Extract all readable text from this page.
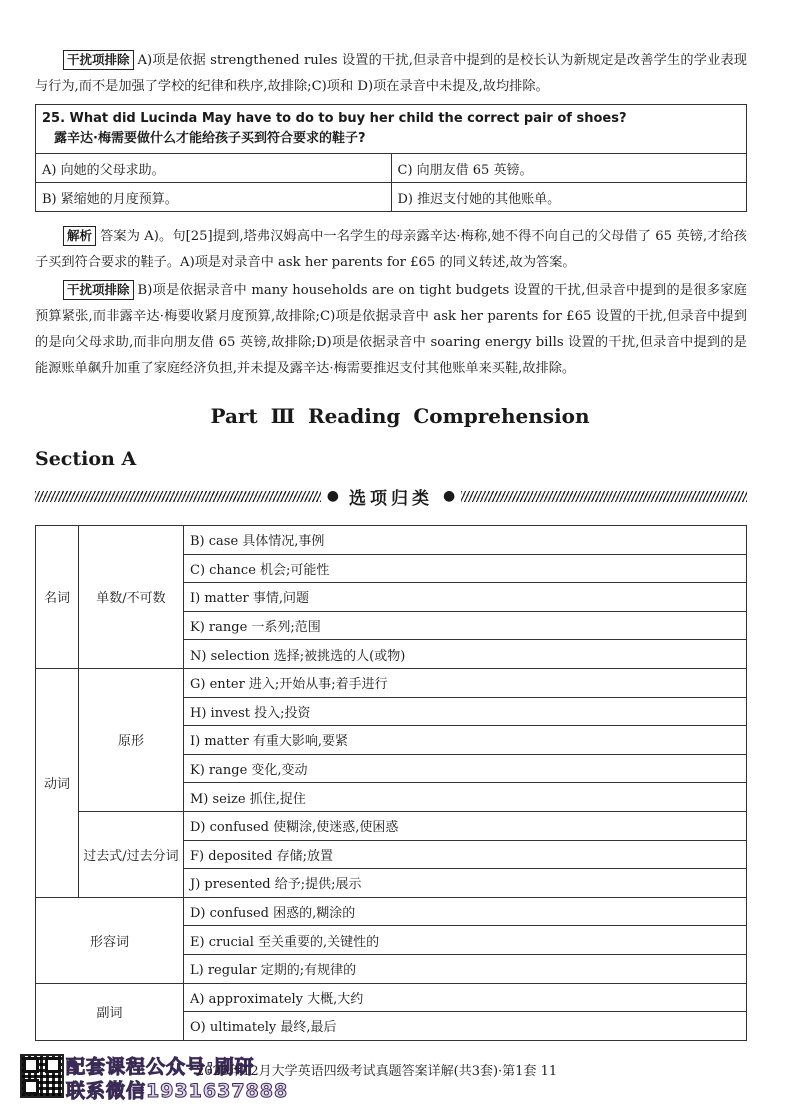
干扰项排除 A)项是依据 strengthened rules 设置的干扰,但录音中提到的是校长认为新规定是改善学生的学业表现与行为,而不是加强了学校的纪律和秩序,故排除;C)项和 D)项在录音中未提及,故均排除。

25. What did Lucinda May have to do to buy her child the correct pair of shoes?
露辛达·梅需要做什么才能给孩子买到符合要求的鞋子?	

A) 向她的父母求助。	C) 向朋友借 65 英镑。
B) 紧缩她的月度预算。	D) 推迟支付她的其他账单。

解析 答案为 A)。句[25]提到,塔弗汉姆高中一名学生的母亲露辛达·梅称,她不得不向自己的父母借了 65 英镑,才给孩子买到符合要求的鞋子。A)项是对录音中 ask her parents for £65 的同义转述,故为答案。

干扰项排除 B)项是依据录音中 many households are on tight budgets 设置的干扰,但录音中提到的是很多家庭预算紧张,而非露辛达·梅要收紧月度预算,故排除;C)项是依据录音中 ask her parents for £65 设置的干扰,但录音中提到的是向父母求助,而非向朋友借 65 英镑,故排除;D)项是依据录音中 soaring energy bills 设置的干扰,但录音中提到的是能源账单飙升加重了家庭经济负担,并未提及露辛达·梅需要推迟支付其他账单来买鞋,故排除。

Part Ⅲ Reading Comprehension
Section A
● 选项归类 ●
名词	单数/不可数	B) case 具体情况,事例
		C) chance 机会;可能性
		I) matter 事情,问题
		K) range 一系列;范围
		N) selection 选择;被挑选的人(或物)
动词	原形	G) enter 进入;开始从事;着手进行
		H) invest 投入;投资
		I) matter 有重大影响,要紧
		K) range 变化,变动
		M) seize 抓住,捉住
	过去式/过去分词	D) confused 使糊涂,使迷惑,使困惑
		F) deposited 存储;放置
		J) presented 给予;提供;展示
形容词		D) confused 困惑的,糊涂的
		E) crucial 至关重要的,关键性的
		L) regular 定期的;有规律的
副词		A) approximately 大概,大约
		O) ultimately 最终,最后
配套课程公众号:刷研
联系微信1931637888
2025年12月大学英语四级考试真题答案详解(共3套)·第1套 11
